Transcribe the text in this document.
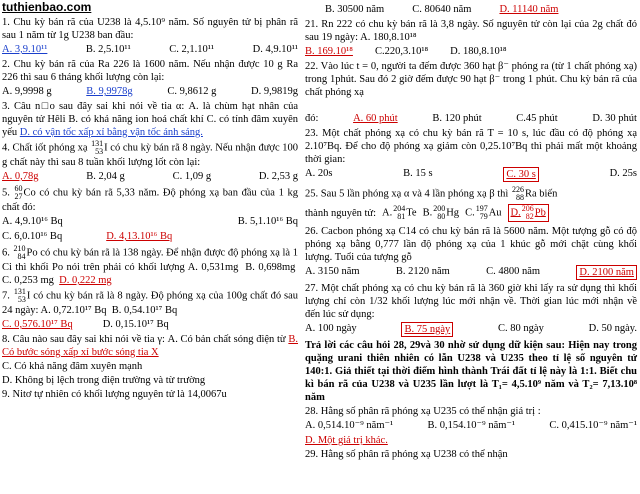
tuthienbao.com
1. Chu kỳ bán rã của U238 là 4,5.10⁹ năm. Số nguyên tử bị phân rã sau 1 năm từ 1g U238 ban đầu:
A. 3,9.10¹¹	B. 2,5.10¹¹	C. 2,1.10¹¹	D. 4,9.10¹¹
2. Chu kỳ bán rã của Ra 226 là 1600 năm. Nếu nhận được 10 g Ra 226 thì sau 6 tháng khối lượng còn lại:
A. 9,9998 g	B. 9,9978g	C. 9,8612 g	D. 9,9819g
3. Câu n□o sau đây sai khi nói về tia α: A. là chùm hạt nhân của nguyên tử Hêli B. có khả năng ion hoá chất khí C. có tính đâm xuyên yếu D. có vận tốc xấp xỉ bằng vận tốc ánh sáng.
4. Chất iốt phóng xạ 131
53 I có chu kỳ bán rã 8 ngày. Nếu nhận được 100 g chất này thì sau 8 tuần khối lượng lốt còn lại:
A. 0,78g	B. 2,04 g	C. 1,09 g	D. 2,53 g
5. 60
27 Co có chu kỳ bán rã 5,33 năm. Độ phóng xạ ban đầu của 1 kg chất đó:
A. 4,9.10¹⁶ Bq	B. 5,1.10¹⁶ Bq
C. 6,0.10¹⁶ Bq	D. 4,13.10¹⁶ Bq
6. 210
84 Po có chu kỳ bán rã là 138 ngày. Để nhận được độ phóng xạ là 1 Ci thì khối Po nói trên phải có khối lượng A. 0,531mg B. 0,698mg  C. 0,253 mg D. 0,222 mg
7. 131
53 I có chu kỳ bán rã là 8 ngày. Độ phóng xạ của 100g chất đó sau 24 ngày: A. 0,72.10¹⁷ Bq B. 0,54.10¹⁷ Bq
C. 0,576.10¹⁷ Bq	D. 0,15.10¹⁷ Bq
8. Câu nào sau đây sai khi nói về tia γ: A. Có bản chất sóng điện từ B. Có bước sóng xấp xỉ bước sóng tia X
C. Có khả năng đâm xuyên mạnh
D. Không bị lệch trong điện trường và từ trường
9. Nitơ tự nhiên có khối lượng nguyên tử là 14,0067u
B. 30500 năm	C. 80640 năm	D. 11140 năm
21. Rn 222 có chu kỳ bán rã là 3,8 ngày. Số nguyên tử còn lại của 2g chất đó sau 19 ngày: A. 180,8.10¹⁸
B. 169.10¹⁸ C.220,3.10¹⁸ D. 180,8.10¹⁸
22. Vào lúc t = 0, người ta đếm được 360 hạt β⁻ phóng ra (từ 1 chất phóng xạ) trong 1phút. Sau đó 2 giờ đếm được 90 hạt β⁻ trong 1 phút. Chu kỳ bán rã của chất phóng xạ
đó:	A. 60 phút	B. 120 phút	C.45 phút	D. 30 phút
23. Một chất phóng xạ có chu kỳ bán rã T = 10 s, lúc đầu có độ phóng xạ 2.10⁷Bq. Để cho độ phóng xạ giảm còn 0,25.10⁷Bq thì phải mất một khoảng thời gian:
A. 20s	B. 15 s	C. 30 s	D. 25s
25. Sau 5 lần phóng xạ α và 4 lần phóng xạ β thì 226
88 Ra biến
thành nguyên tử: A. 204
81 Te B. 200
80 Hg C. 197
79 Au D. 206
82 Pb
26. Cacbon phóng xạ C14 có chu kỳ bán rã là 5600 năm. Một tượng gỗ có độ phóng xạ bằng 0,777 lần độ phóng xạ của 1 khúc gỗ mới chặt cùng khối lượng. Tuổi của tượng gỗ
A. 3150 năm	B. 2120 năm	C. 4800 năm	D. 2100 năm
27. Một chất phóng xạ có chu kỳ bán rã là 360 giờ khi lấy ra sử dụng thì khối lượng chỉ còn 1/32 khối lượng lúc mới nhận về. Thời gian lúc mới nhận về đến lúc sử dụng:
A. 100 ngày	B. 75 ngày	C. 80 ngày	D. 50 ngày.
Trả lời các câu hỏi 28, 29và 30 nhờ sử dụng dữ kiện sau: Hiện nay trong quặng urani thiên nhiên có lẫn U238 và U235 theo tỉ lệ số nguyên tử 140:1. Giả thiết tại thời điểm hình thành Trái đất tỉ lệ này là 1:1. Biết chu kì bán rã của U238 và U235 lần lượt là T₁= 4,5.10⁹ năm và T₂= 7,13.10⁸ năm
28. Hằng số phân rã phóng xạ U235 có thể nhận giá trị :
A. 0,514.10⁻⁹ năm⁻¹	B. 0,154.10⁻⁹ năm⁻¹	C. 0,415.10⁻⁹ năm⁻¹
D. Một giá trị khác.
29. Hằng số phân rã phóng xạ U238 có thể nhận
